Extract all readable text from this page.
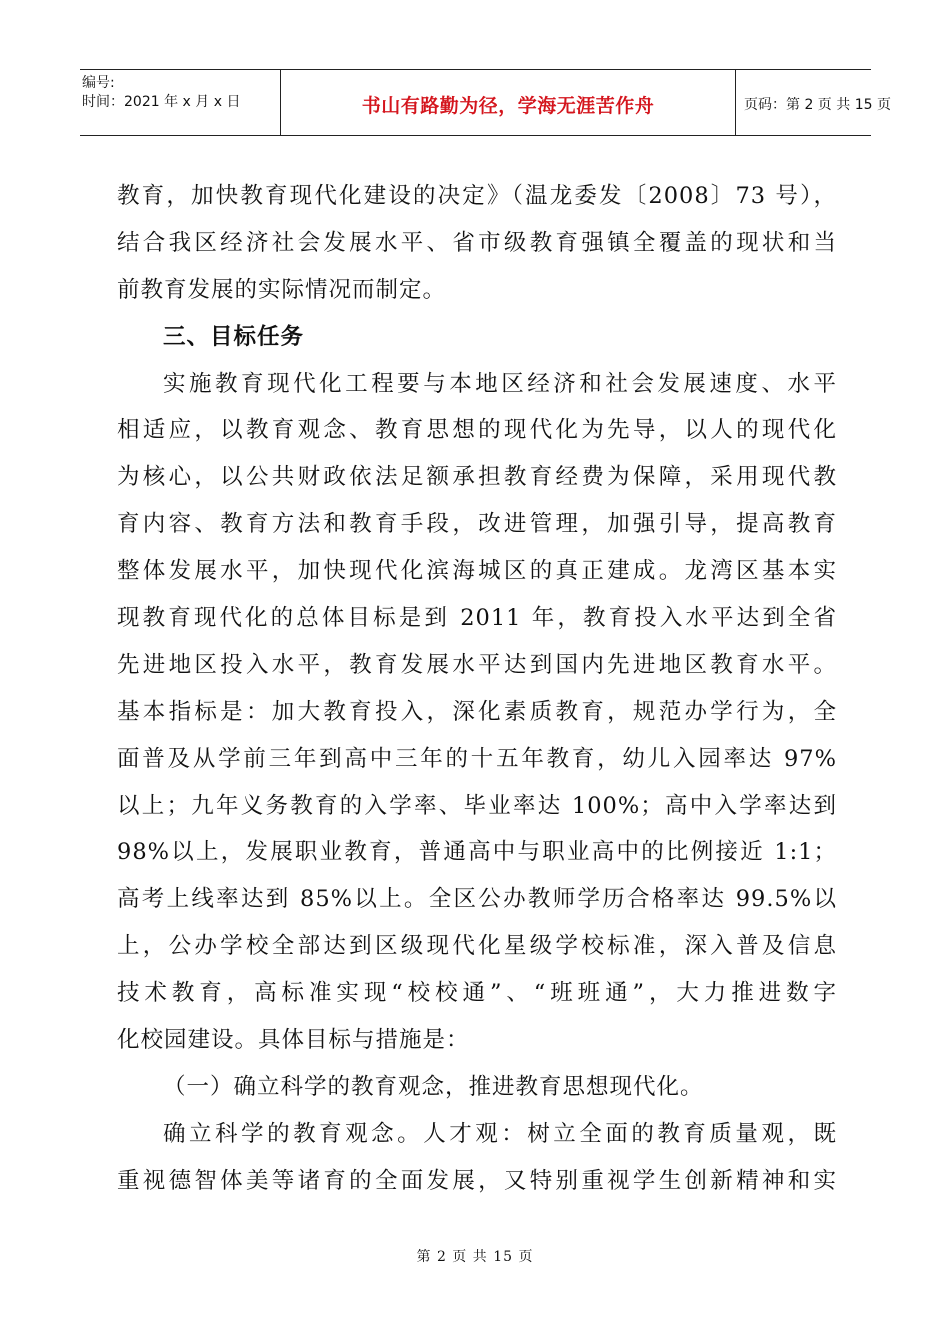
编号:
时间：2021 年 x 月 x 日	书山有路勤为径，学海无涯苦作舟	页码：第 2 页 共 15 页
教育，加快教育现代化建设的决定》（温龙委发〔2008〕73 号），
结合我区经济社会发展水平、省市级教育强镇全覆盖的现状和当
前教育发展的实际情况而制定。
三、目标任务
实施教育现代化工程要与本地区经济和社会发展速度、水平
相适应，以教育观念、教育思想的现代化为先导，以人的现代化
为核心，以公共财政依法足额承担教育经费为保障，采用现代教
育内容、教育方法和教育手段，改进管理，加强引导，提高教育
整体发展水平，加快现代化滨海城区的真正建成。龙湾区基本实
现教育现代化的总体目标是到 2011 年，教育投入水平达到全省
先进地区投入水平，教育发展水平达到国内先进地区教育水平。
基本指标是：加大教育投入，深化素质教育，规范办学行为，全
面普及从学前三年到高中三年的十五年教育，幼儿入园率达 97%
以上；九年义务教育的入学率、毕业率达 100%；高中入学率达到
98%以上，发展职业教育，普通高中与职业高中的比例接近 1:1；
高考上线率达到 85%以上。全区公办教师学历合格率达 99.5%以
上，公办学校全部达到区级现代化星级学校标准，深入普及信息
技术教育，高标准实现“校校通”、“班班通”，大力推进数字
化校园建设。具体目标与措施是：
（一）确立科学的教育观念，推进教育思想现代化。
确立科学的教育观念。人才观：树立全面的教育质量观，既
重视德智体美等诸育的全面发展，又特别重视学生创新精神和实
第 2 页 共 15 页
